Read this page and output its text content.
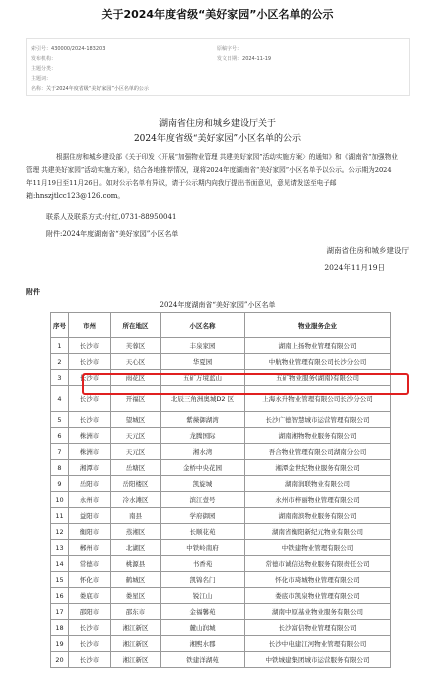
关于2024年度省级“美好家园”小区名单的公示
索引号：430000/2024-183203
发布机构：
主题分类：
主题词：
名称：关于2024年度省级“美好家园”小区名单的公示
原稿字号：
发文日期：2024-11-19
湖南省住房和城乡建设厅关于
2024年度省级“美好家园”小区名单的公示
根据住房和城乡建设部《关于印发〈开展“加强物业管理 共建美好家园”活动实施方案〉的通知》和《湖南省“加强物业
管理 共建美好家园”活动实施方案》，结合各地推荐情况，现将2024年度湖南省“美好家园”小区名单予以公示。公示期为2024
年11月19日至11月26日。如对公示名单有异议，请于公示期内向我厅提出书面意见，意见请发送至电子邮
箱:hnszjtlcc123@126.com。
联系人及联系方式:付红,0731-88950041
附件:2024年度湖南省“美好家园”小区名单
湖南省住房和城乡建设厅
2024年11月19日
附件
2024年度湖南省“美好家园”小区名单
序号	市州	所在地区	小区名称	物业服务企业
1	长沙市	芙蓉区	丰泉家园	湖南上扬物业管理有限公司
2	长沙市	天心区	华夏园	中航物业管理有限公司长沙分公司
3	长沙市	雨花区	五矿万境蓝山	五矿物业服务(湖南)有限公司
4	长沙市	开福区	北辰三角洲奥城D2 区	上海永升物业管理有限公司长沙分公司
5	长沙市	望城区	紫薇御湖湾	长沙广德智慧城市运营管理有限公司
6	株洲市	天元区	龙腾国际	湖南湘物物业服务有限公司
7	株洲市	天元区	湘水湾	吾合物业管理有限公司湖南分公司
8	湘潭市	岳塘区	金桥中央花园	湘潭金世纪物业服务有限公司
9	岳阳市	岳阳楼区	凯旋城	湖南润联物业有限公司
10	永州市	冷水滩区	滨江壹号	永州市梓丽物业管理有限公司
11	益阳市	南县	学府御园	湖南南滨物业服务有限公司
12	衡阳市	蒸湘区	长顺花苑	湖南省衡阳新纪元物业有限公司
13	郴州市	北湖区	中铁岭南府	中铁建物业管理有限公司
14	常德市	桃源县	书香苑	常德市诚信达物业服务有限责任公司
15	怀化市	鹤城区	凯锦名门	怀化市琦城物业管理有限公司
16	娄底市	娄星区	锐江山	娄底市凯泉物业管理有限公司
17	邵阳市	邵东市	金福馨苑	湖南中原基业物业服务有限公司
18	长沙市	湘江新区	麓山润城	长沙富信物业管理有限公司
19	长沙市	湘江新区	湘熙水郡	长沙中电建江河物业管理有限公司
20	长沙市	湘江新区	铁建洋湖苑	中铁城建集团城市运营服务有限公司
